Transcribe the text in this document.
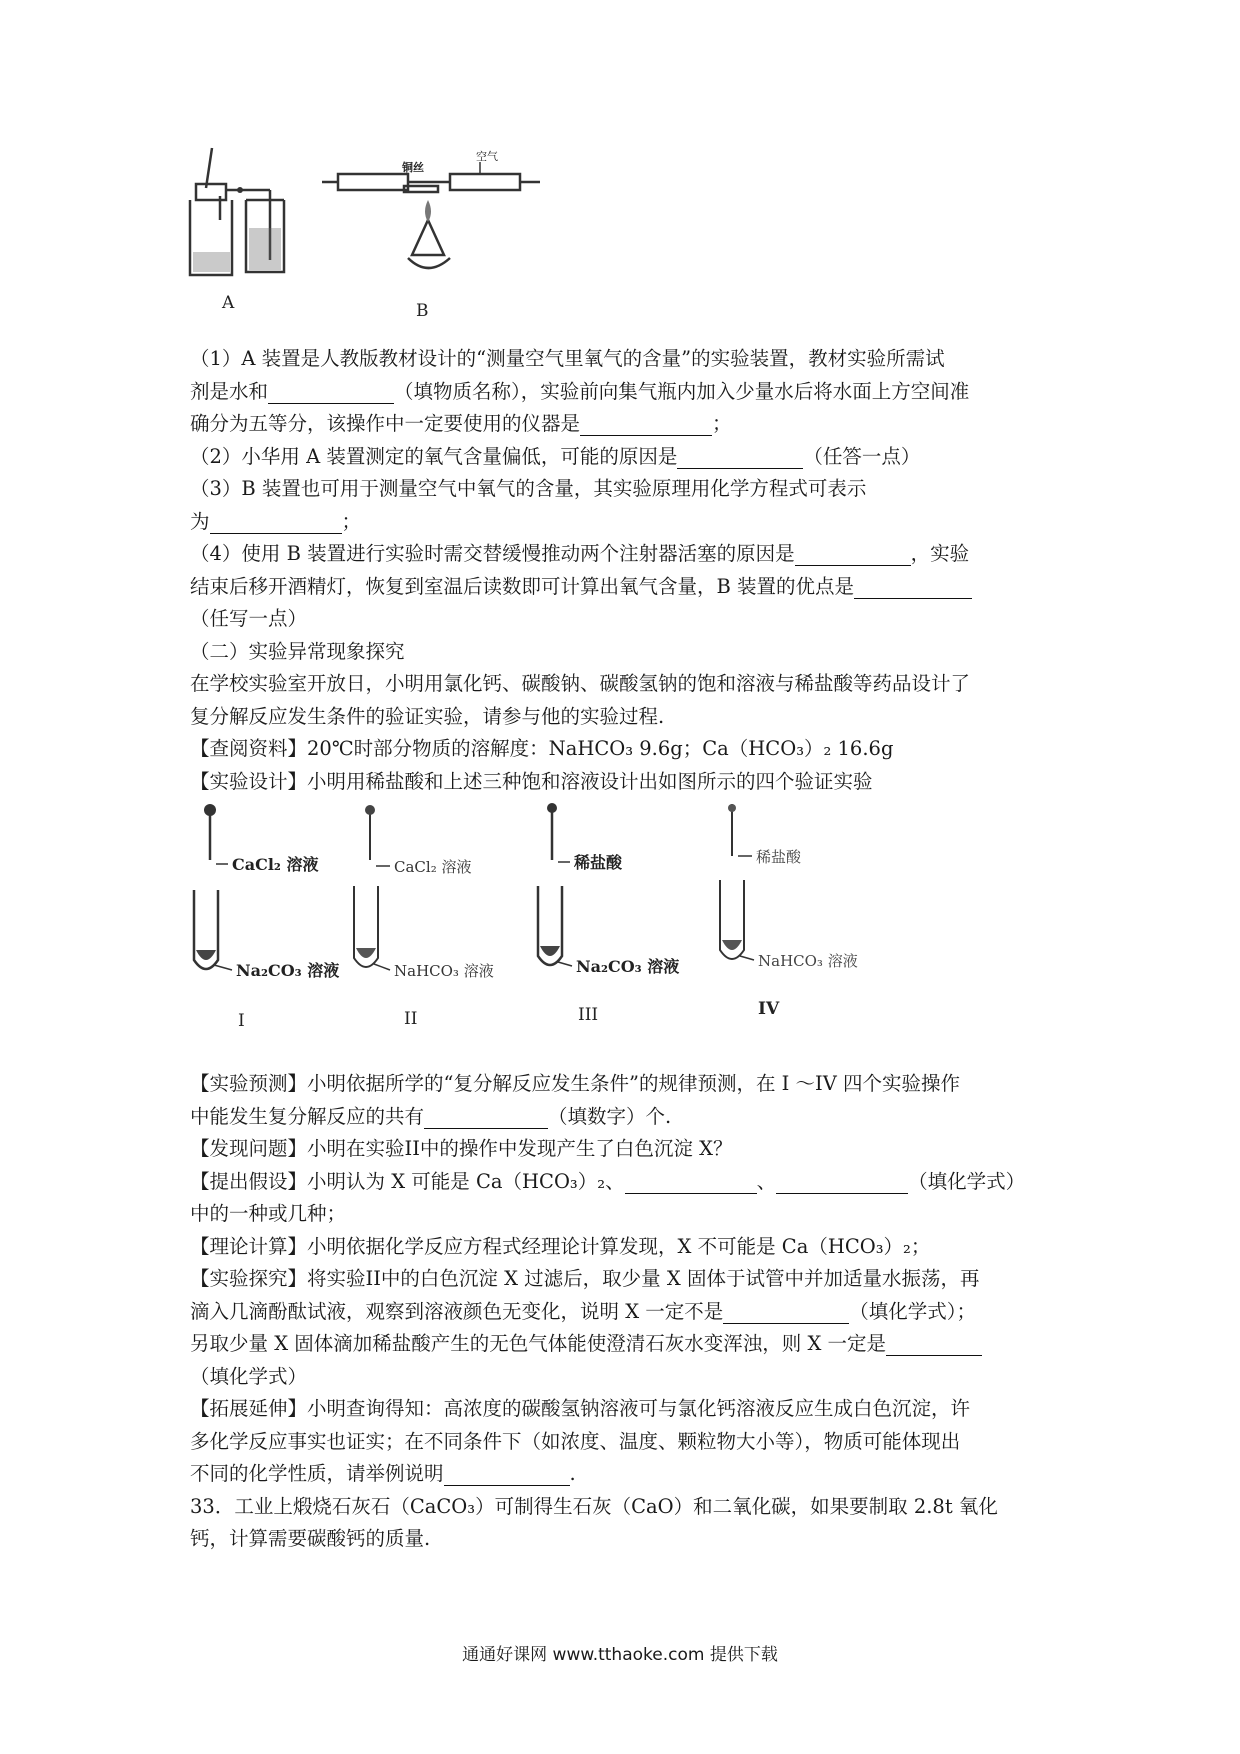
铜丝
空气
A	B

（1）A 装置是人教版教材设计的“测量空气里氧气的含量”的实验装置，教材实验所需试

剂是水和	（填物质名称），实验前向集气瓶内加入少量水后将水面上方空间准

确分为五等分，该操作中一定要使用的仪器是	；

（2）小华用 A 装置测定的氧气含量偏低，可能的原因是	（任答一点）

（3）B 装置也可用于测量空气中氧气的含量，其实验原理用化学方程式可表示

为	；

（4）使用 B 装置进行实验时需交替缓慢推动两个注射器活塞的原因是	，实验

结束后移开酒精灯，恢复到室温后读数即可计算出氧气含量，B 装置的优点是

（任写一点）

（二）实验异常现象探究

在学校实验室开放日，小明用氯化钙、碳酸钠、碳酸氢钠的饱和溶液与稀盐酸等药品设计了

复分解反应发生条件的验证实验，请参与他的实验过程.

【查阅资料】20℃时部分物质的溶解度：NaHCO₃ 9.6g；Ca（HCO₃）₂ 16.6g

【实验设计】小明用稀盐酸和上述三种饱和溶液设计出如图所示的四个验证实验

CaCl₂ 溶液
Na₂CO₃ 溶液
I
CaCl₂ 溶液
NaHCO₃ 溶液
II
稀盐酸
Na₂CO₃ 溶液
III
稀盐酸
NaHCO₃ 溶液
IV

【实验预测】小明依据所学的“复分解反应发生条件”的规律预测，在 I ～IV 四个实验操作

中能发生复分解反应的共有	（填数字）个.

【发现问题】小明在实验II中的操作中发现产生了白色沉淀 X？

【提出假设】小明认为 X 可能是 Ca（HCO₃）₂、	、	（填化学式）

中的一种或几种；

【理论计算】小明依据化学反应方程式经理论计算发现，X 不可能是 Ca（HCO₃）₂；

【实验探究】将实验II中的白色沉淀 X 过滤后，取少量 X 固体于试管中并加适量水振荡，再

滴入几滴酚酞试液，观察到溶液颜色无变化，说明 X 一定不是	（填化学式）；

另取少量 X 固体滴加稀盐酸产生的无色气体能使澄清石灰水变浑浊，则 X 一定是

（填化学式）

【拓展延伸】小明查询得知：高浓度的碳酸氢钠溶液可与氯化钙溶液反应生成白色沉淀，许

多化学反应事实也证实；在不同条件下（如浓度、温度、颗粒物大小等），物质可能体现出

不同的化学性质，请举例说明	.

33．工业上煅烧石灰石（CaCO₃）可制得生石灰（CaO）和二氧化碳，如果要制取 2.8t 氧化

钙，计算需要碳酸钙的质量.

通通好课网 www.tthaoke.com 提供下载
